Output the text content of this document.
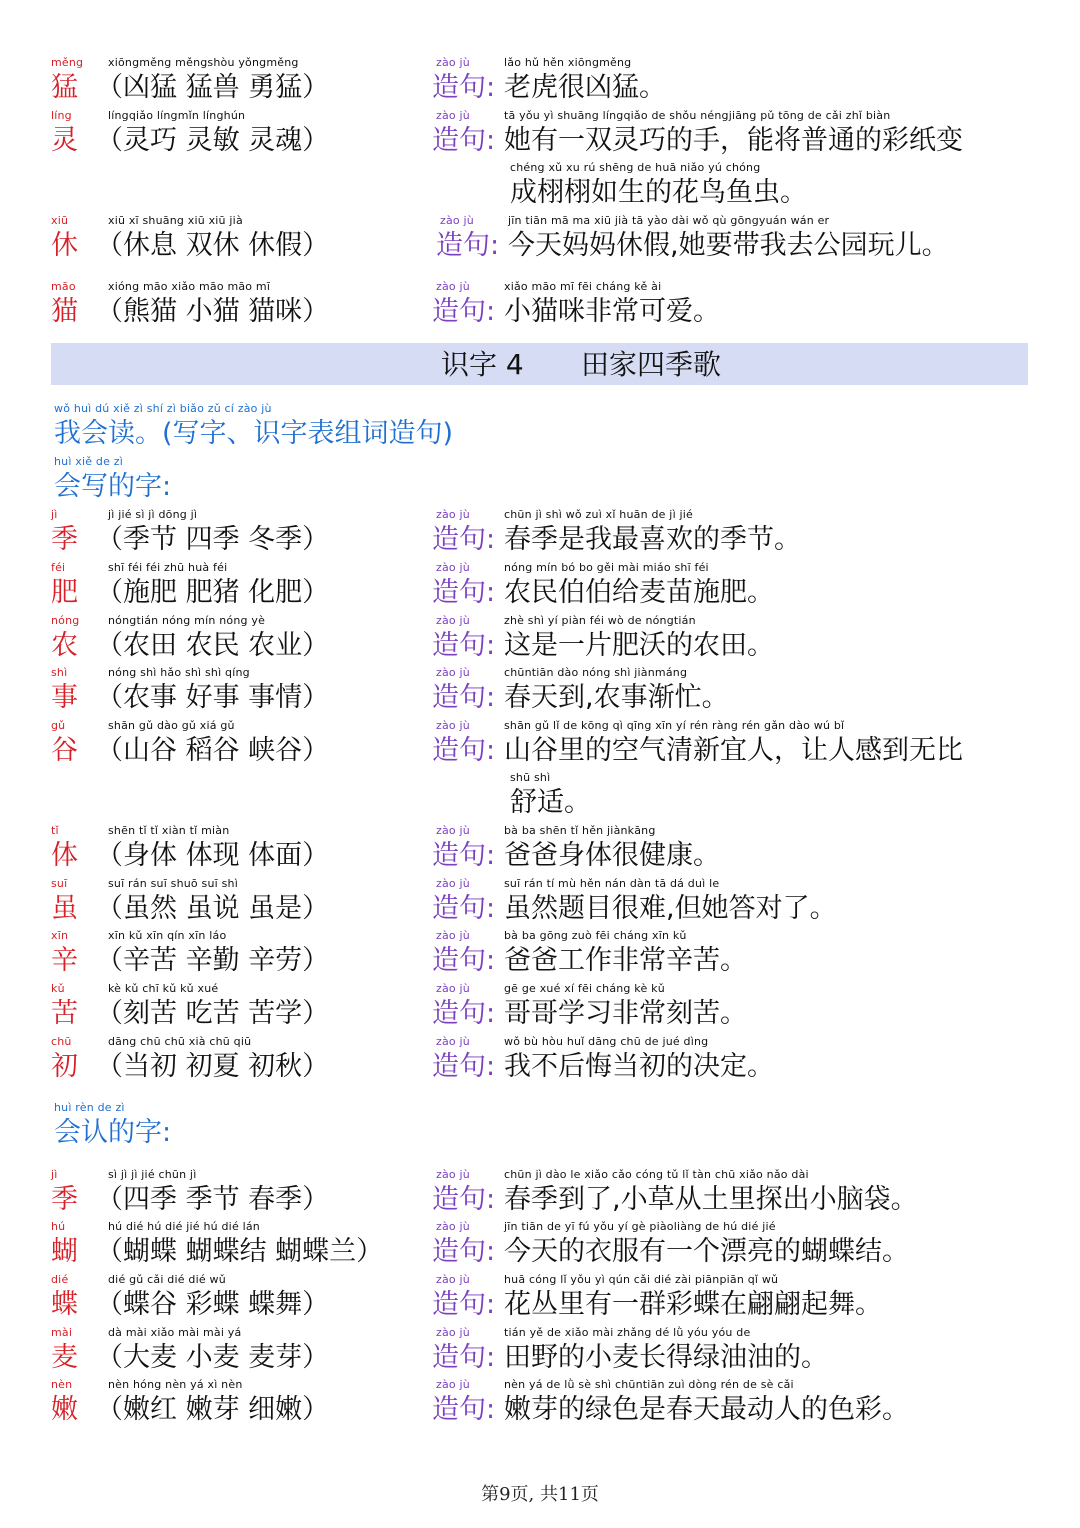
měng
猛
xiōngměng měngshòu yǒngměng
（凶猛 猛兽 勇猛）
zào jù
造句:
lǎo hǔ hěn xiōngměng
老虎很凶猛。
líng
灵
língqiǎo língmǐn línghún
（灵巧 灵敏 灵魂）
zào jù
造句:
tā yǒu yì shuāng língqiǎo de shǒu néngjiāng pǔ tōng de cǎi zhǐ biàn
她有一双灵巧的手，能将普通的彩纸变
chéng xǔ xu rú shēng de huā niǎo yú chóng
成栩栩如生的花鸟鱼虫。
xiū
休
xiū xī shuāng xiū xiū jià
（休息 双休 休假）
zào jù
造句:
jīn tiān mā ma xiū jià tā yào dài wǒ qù gōngyuán wán er
今天妈妈休假,她要带我去公园玩儿。
māo
猫
xióng māo xiǎo māo māo mī
（熊猫 小猫 猫咪）
zào jù
造句:
xiǎo māo mī fēi cháng kě ài
小猫咪非常可爱。
识字 4 田家四季歌
wǒ huì dú xiě zì shí zì biǎo zǔ cí zào jù
我会读。(写字、识字表组词造句)
huì xiě de zì
会写的字:
jì
季
jì jié sì jì dōng jì
（季节 四季 冬季）
zào jù
造句:
chūn jì shì wǒ zuì xǐ huān de jì jié
春季是我最喜欢的季节。
féi
肥
shī féi féi zhū huà féi
（施肥 肥猪 化肥）
zào jù
造句:
nóng mín bó bo gěi mài miáo shī féi
农民伯伯给麦苗施肥。
nóng
农
nóngtián nóng mín nóng yè
（农田 农民 农业）
zào jù
造句:
zhè shì yí piàn féi wò de nóngtián
这是一片肥沃的农田。
shì
事
nóng shì hǎo shì shì qíng
（农事 好事 事情）
zào jù
造句:
chūntiān dào nóng shì jiànmáng
春天到,农事渐忙。
gǔ
谷
shān gǔ dào gǔ xiá gǔ
（山谷 稻谷 峡谷）
zào jù
造句:
shān gǔ lǐ de kōng qì qīng xīn yí rén ràng rén gǎn dào wú bǐ
山谷里的空气清新宜人，让人感到无比
shū shì
舒适。
tǐ
体
shēn tǐ tǐ xiàn tǐ miàn
（身体 体现 体面）
zào jù
造句:
bà ba shēn tǐ hěn jiànkāng
爸爸身体很健康。
suī
虽
suī rán suī shuō suī shì
（虽然 虽说 虽是）
zào jù
造句:
suī rán tí mù hěn nán dàn tā dá duì le
虽然题目很难,但她答对了。
xīn
辛
xīn kǔ xīn qín xīn láo
（辛苦 辛勤 辛劳）
zào jù
造句:
bà ba gōng zuò fēi cháng xīn kǔ
爸爸工作非常辛苦。
kǔ
苦
kè kǔ chī kǔ kǔ xué
（刻苦 吃苦 苦学）
zào jù
造句:
gē ge xué xí fēi cháng kè kǔ
哥哥学习非常刻苦。
chū
初
dāng chū chū xià chū qiū
（当初 初夏 初秋）
zào jù
造句:
wǒ bù hòu huǐ dāng chū de jué dìng
我不后悔当初的决定。
huì rèn de zì
会认的字:
jì
季
sì jì jì jié chūn jì
（四季 季节 春季）
zào jù
造句:
chūn jì dào le xiǎo cǎo cóng tǔ lǐ tàn chū xiǎo nǎo dài
春季到了,小草从土里探出小脑袋。
hú
蝴
hú dié hú dié jié hú dié lán
（蝴蝶 蝴蝶结 蝴蝶兰）
zào jù
造句:
jīn tiān de yī fú yǒu yí gè piàoliàng de hú dié jié
今天的衣服有一个漂亮的蝴蝶结。
dié
蝶
dié gǔ cǎi dié dié wǔ
（蝶谷 彩蝶 蝶舞）
zào jù
造句:
huā cóng lǐ yǒu yì qún cǎi dié zài piānpiān qǐ wǔ
花丛里有一群彩蝶在翩翩起舞。
mài
麦
dà mài xiǎo mài mài yá
（大麦 小麦 麦芽）
zào jù
造句:
tián yě de xiǎo mài zhǎng dé lǜ yóu yóu de
田野的小麦长得绿油油的。
nèn
嫩
nèn hóng nèn yá xì nèn
（嫩红 嫩芽 细嫩）
zào jù
造句:
nèn yá de lǜ sè shì chūntiān zuì dòng rén de sè cǎi
嫩芽的绿色是春天最动人的色彩。
第9页, 共11页
